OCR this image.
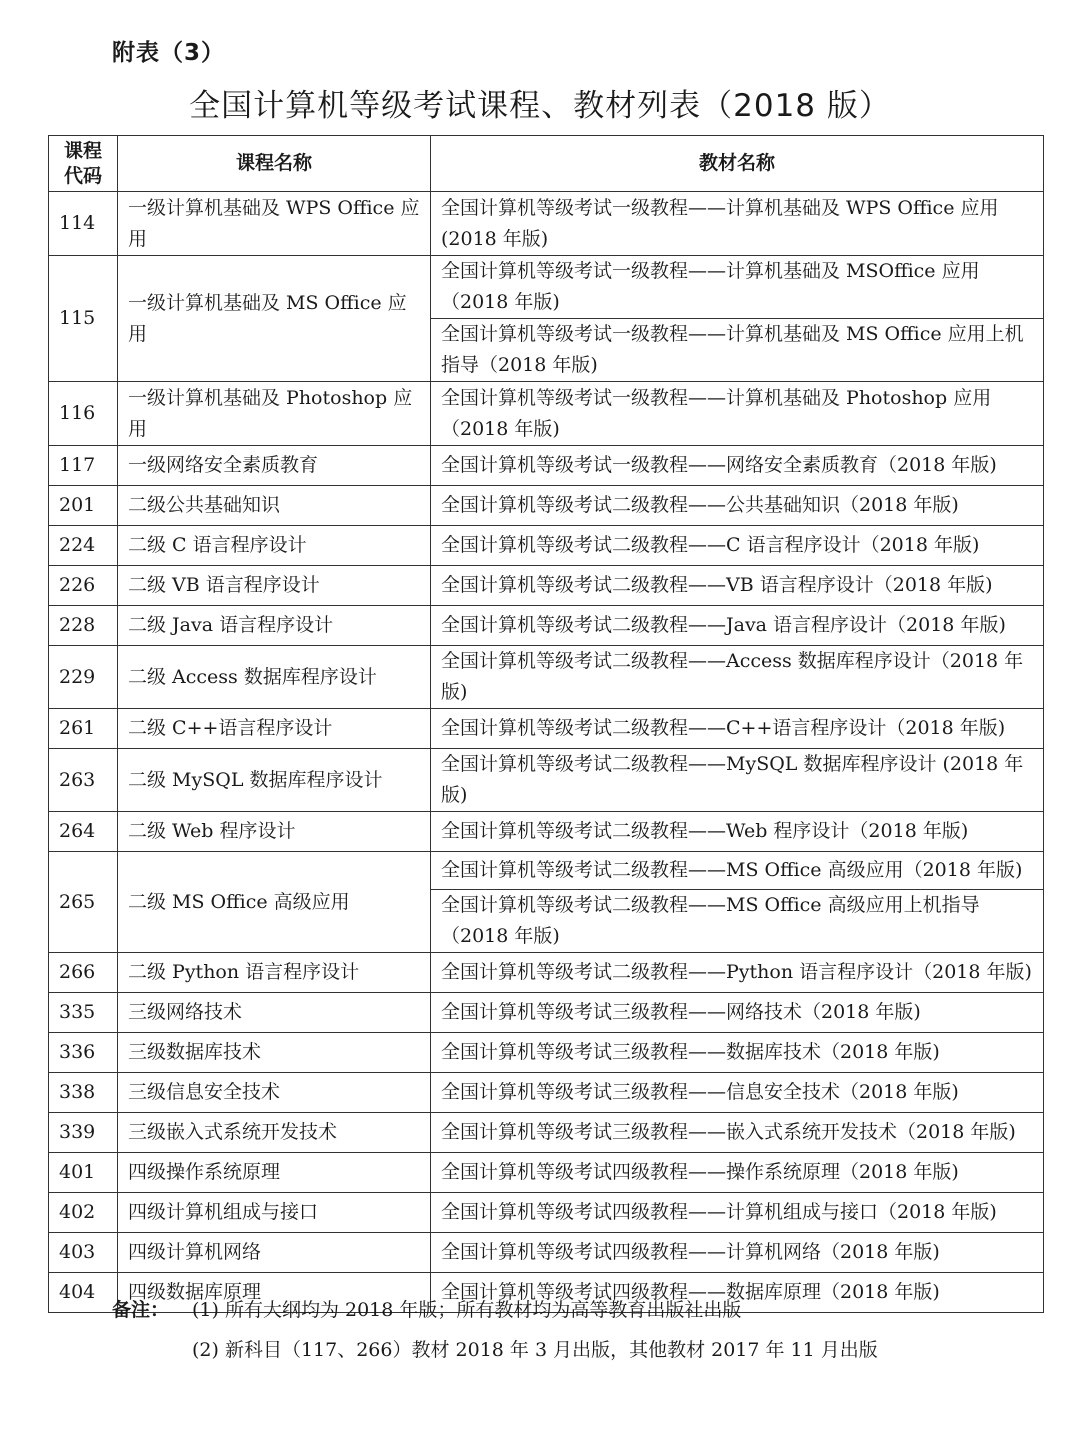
附表（3）
全国计算机等级考试课程、教材列表（2018 版）
课程代码	课程名称	教材名称
114	一级计算机基础及 WPS Office 应用	全国计算机等级考试一级教程——计算机基础及 WPS Office 应用 (2018 年版)
115	一级计算机基础及 MS Office 应用	全国计算机等级考试一级教程——计算机基础及 MSOffice 应用（2018 年版)
		全国计算机等级考试一级教程——计算机基础及 MS Office 应用上机指导（2018 年版)
116	一级计算机基础及 Photoshop 应用	全国计算机等级考试一级教程——计算机基础及 Photoshop 应用（2018 年版)
117	一级网络安全素质教育	全国计算机等级考试一级教程——网络安全素质教育（2018 年版)
201	二级公共基础知识	全国计算机等级考试二级教程——公共基础知识（2018 年版)
224	二级 C 语言程序设计	全国计算机等级考试二级教程——C 语言程序设计（2018 年版)
226	二级 VB 语言程序设计	全国计算机等级考试二级教程——VB 语言程序设计（2018 年版)
228	二级 Java 语言程序设计	全国计算机等级考试二级教程——Java 语言程序设计（2018 年版)
229	二级 Access 数据库程序设计	全国计算机等级考试二级教程——Access 数据库程序设计（2018 年版)
261	二级 C++语言程序设计	全国计算机等级考试二级教程——C++语言程序设计（2018 年版)
263	二级 MySQL 数据库程序设计	全国计算机等级考试二级教程——MySQL 数据库程序设计 (2018 年版)
264	二级 Web 程序设计	全国计算机等级考试二级教程——Web 程序设计（2018 年版)
265	二级 MS Office 高级应用	全国计算机等级考试二级教程——MS Office 高级应用（2018 年版)
		全国计算机等级考试二级教程——MS Office 高级应用上机指导（2018 年版)
266	二级 Python 语言程序设计	全国计算机等级考试二级教程——Python 语言程序设计（2018 年版)
335	三级网络技术	全国计算机等级考试三级教程——网络技术（2018 年版)
336	三级数据库技术	全国计算机等级考试三级教程——数据库技术（2018 年版)
338	三级信息安全技术	全国计算机等级考试三级教程——信息安全技术（2018 年版)
339	三级嵌入式系统开发技术	全国计算机等级考试三级教程——嵌入式系统开发技术（2018 年版)
401	四级操作系统原理	全国计算机等级考试四级教程——操作系统原理（2018 年版)
402	四级计算机组成与接口	全国计算机等级考试四级教程——计算机组成与接口（2018 年版)
403	四级计算机网络	全国计算机等级考试四级教程——计算机网络（2018 年版)
404	四级数据库原理	全国计算机等级考试四级教程——数据库原理（2018 年版)
备注： (1) 所有大纲均为 2018 年版；所有教材均为高等教育出版社出版
(2) 新科目（117、266）教材 2018 年 3 月出版，其他教材 2017 年 11 月出版
